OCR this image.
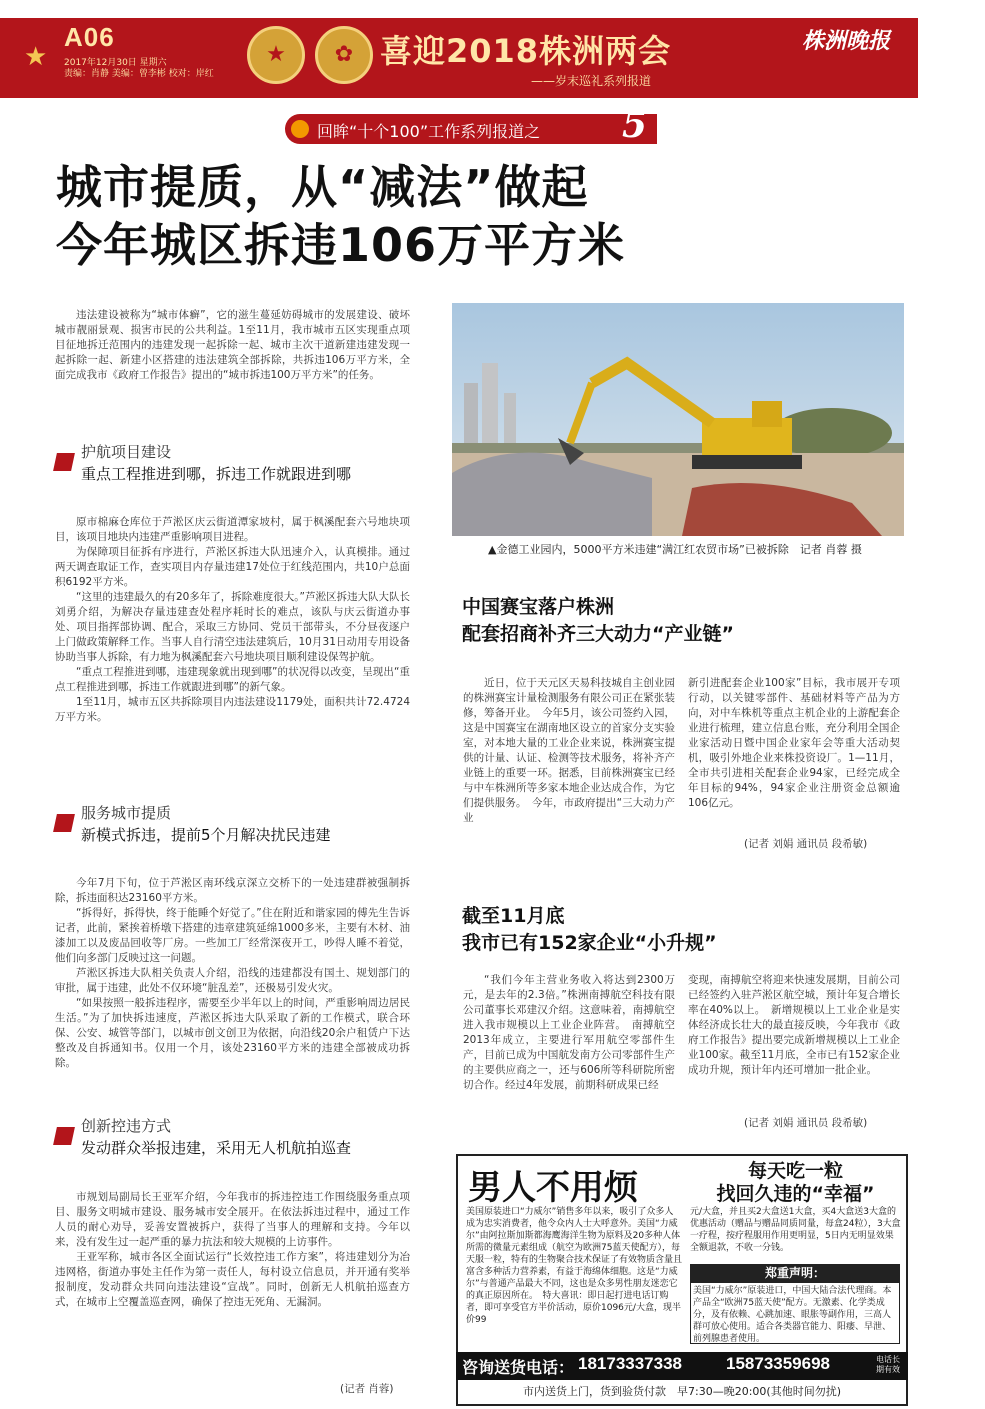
★
A06
2017年12月30日 星期六
责编：肖静 美编：曾李彬 校对：岸红
★	✿ 喜迎2018株洲两会
——岁末巡礼系列报道
株洲晚报
回眸“十个100”工作系列报道之 5
城市提质，从“减法”做起
今年城区拆违106万平方米

违法建设被称为“城市体癣”，它的滋生蔓延妨碍城市的发展建设、破坏城市靓丽景观、损害市民的公共利益。1至11月，我市城市五区实现重点项目征地拆迁范围内的违建发现一起拆除一起、城市主次干道新建违建发现一起拆除一起、新建小区搭建的违法建筑全部拆除，共拆违106万平方米，全面完成我市《政府工作报告》提出的“城市拆违100万平方米”的任务。

护航项目建设
重点工程推进到哪，拆违工作就跟进到哪

原市棉麻仓库位于芦淞区庆云街道潭家坡村，属于枫溪配套六号地块项目，该项目地块内违建严重影响项目进程。

为保障项目征拆有序进行，芦淞区拆违大队迅速介入，认真模排。通过两天调查取证工作，查实项目内存量违建17处位于红线范围内，共10户总面积6192平方米。

“这里的违建最久的有20多年了，拆除难度很大。”芦淞区拆违大队大队长刘勇介绍，为解决存量违建查处程序耗时长的难点，该队与庆云街道办事处、项目指挥部协调、配合，采取三方协同、党员干部带头，不分昼夜逐户上门做政策解释工作。当事人自行清空违法建筑后，10月31日动用专用设备协助当事人拆除，有力地为枫溪配套六号地块项目顺利建设保驾护航。

“重点工程推进到哪，违建现象就出现到哪”的状况得以改变，呈现出“重点工程推进到哪，拆违工作就跟进到哪”的新气象。

1至11月，城市五区共拆除项目内违法建设1179处，面积共计72.4724万平方米。

服务城市提质
新模式拆违，提前5个月解决扰民违建

今年7月下旬，位于芦淞区南环线京深立交桥下的一处违建群被强制拆除，拆违面积达23160平方米。

“拆得好，拆得快，终于能睡个好觉了。”住在附近和谐家园的傅先生告诉记者，此前，紧挨着桥墩下搭建的违章建筑延绵1000多米，主要有木材、油漆加工以及废品回收等厂房。一些加工厂经常深夜开工，吵得人睡不着觉，他们向多部门反映过这一问题。

芦淞区拆违大队相关负责人介绍，沿线的违建都没有国土、规划部门的审批，属于违建，此处不仅环境“脏乱差”，还极易引发火灾。

“如果按照一般拆违程序，需要至少半年以上的时间，严重影响周边居民生活。”为了加快拆违速度，芦淞区拆违大队采取了新的工作模式，联合环保、公安、城管等部门，以城市创文创卫为依据，向沿线20余户租赁户下达整改及自拆通知书。仅用一个月，该处23160平方米的违建全部被成功拆除。

创新控违方式
发动群众举报违建，采用无人机航拍巡查

市规划局副局长王亚军介绍，今年我市的拆违控违工作围绕服务重点项目、服务文明城市建设、服务城市安全展开。在依法拆违过程中，通过工作人员的耐心劝导，妥善安置被拆户，获得了当事人的理解和支持。今年以来，没有发生过一起严重的暴力抗法和较大规模的上访事件。

王亚军称，城市各区全面试运行“长效控违工作方案”，将违建划分为冶违网格，街道办事处主任作为第一责任人，每村设立信息员，并开通有奖举报制度，发动群众共同向违法建设“宣战”。同时，创新无人机航拍巡查方式，在城市上空覆盖巡查网，确保了控违无死角、无漏洞。

(记者 肖蓉)
▲金德工业园内，5000平方米违建“满江红农贸市场”已被拆除　记者 肖蓉 摄
中国赛宝落户株洲
配套招商补齐三大动力“产业链”

近日，位于天元区天易科技城自主创业园的株洲赛宝计量检测服务有限公司正在紧张装修，筹备开业。　今年5月，该公司签约入园，这是中国赛宝在湖南地区设立的首家分支实验室，对本地大量的工业企业来说，株洲赛宝提供的计量、认证、检测等技术服务，将补齐产业链上的重要一环。据悉，目前株洲赛宝已经与中车株洲所等多家本地企业达成合作，为它们提供服务。　今年，市政府提出“三大动力产业

新引进配套企业100家”目标，我市展开专项行动，以关键零部件、基础材料等产品为方向，对中车株机等重点主机企业的上游配套企业进行梳理，建立信息台账，充分利用全国企业家活动日暨中国企业家年会等重大活动契机，吸引外地企业来株投资设厂。1—11月，全市共引进相关配套企业94家，已经完成全年目标的94%，94家企业注册资金总额逾106亿元。

(记者 刘娟 通讯员 段希敏)
截至11月底
我市已有152家企业“小升规”

“我们今年主营业务收入将达到2300万元，是去年的2.3倍。”株洲南搏航空科技有限公司董事长邓建汉介绍。这意味着，南搏航空进入我市规模以上工业企业阵营。　南搏航空2013年成立，主要进行军用航空零部件生产，目前已成为中国航发南方公司零部件生产的主要供应商之一，还与606所等科研院所密切合作。经过4年发展，前期科研成果已经

变现，南搏航空将迎来快速发展期，目前公司已经签约入驻芦淞区航空城，预计年复合增长率在40%以上。　新增规模以上工业企业是实体经济成长壮大的最直接反映，今年我市《政府工作报告》提出要完成新增规模以上工业企业100家。截至11月底，全市已有152家企业成功升规，预计年内还可增加一批企业。

(记者 刘娟 通讯员 段希敏)
男人不用烦	每天吃一粒
找回久违的“幸福”
美国原装进口“力威尔”销售多年以来，吸引了众多人成为忠实消费者，他令众内人士大呼意外。美国“力威尔”由阿拉斯加斯都海鹰海洋生物为原料及20多种人体所需的微量元素组成（航空为欧洲75蓝天使配方），每天服一粒，特有的生物聚合技术保证了有效物质含量且富含多种活力营养素，有益于海绵体细胞。这是“力威尔”与普通产品最大不同，这也是众多男性朋友迷恋它的真正原因所在。　特大喜讯：即日起打进电话订购者，即可享受官方半价活动，原价1096元/大盒，现半价99
元/大盒，并且买2大盒送1大盒，买4大盒送3大盒的优惠活动（赠品与赠品同质同量，每盒24粒），3大盒一疗程，按疗程服用作用更明显，5日内无明显效果全额退款，不收一分钱。
郑重声明：
美国“力威尔”原装进口，中国大陆合法代理商。本产品全“欧洲75蓝天使”配方。无激素、化学类成分，及有依赖、心跳加速、眼胀等副作用，三高人群可放心使用。适合各类器官能力、阳痿、早泄、前列腺患者使用。
咨询送货电话： 18173337338	15873359698	电话长期有效
市内送货上门，货到验货付款　早7:30—晚20:00(其他时间勿扰)
